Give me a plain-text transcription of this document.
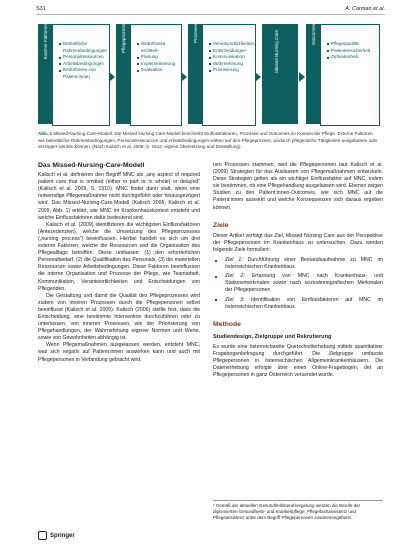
S31	A. Carman et al.
Externe Faktoren	Betriebliche Rahmenbedingungen
Personalressourcen
Arbeitsbedingungen
Bedürfnisse von Patient:innen
Pflegeprozess	Bedürfnisse ermitteln
Planung
Implementierung
Evaluation
Prozesse
Verantwortlichkeiten
Entscheidungen
Kommunikation
Wahrnehmung
Priorisierung	Missed Nursing Care	Outcomes	Pflegequalität
Patientensicherheit
Zufriedenheit
Abb. 1 Missed-Nursing-Care-Modell. Die Missed Nursing Care-Modell beschreibt Einflussfaktoren, Prozesse und Outcomes im Kontext der Pflege. Externe Faktoren wie betriebliche Rahmenbedingungen, Personalressourcen und Arbeitsbedingungen wirken auf den Pflegeprozess, wodurch pflegerische Tätigkeiten ausgelassen oder verzögert werden können. (Nach Kalisch et al. 2009; S. 1512; eigene Übersetzung und Darstellung)
Das Missed-Nursing-Care-Modell

Kalisch et al. definieren den Begriff MNC als „any aspect of required patient care that is omitted (either in part or in whole) or delayed“ (Kalisch et al. 2009, S. 1510). MNC findet dann statt, wenn eine notwendige Pflegemaßnahme nicht durchgeführt oder hinausgezögert wird. Das Missed-Nursing-Care-Modell (Kalisch 2006; Kalisch et al. 2009, Abb. 1) erklärt, wie MNC im Krankenhauskontext entsteht und welche Einflussfaktoren dafür bedeutend sind.

Kalisch et al. (2009) identifizieren die wichtigsten Einflussfaktoren (Antezedenzien), welche die Umsetzung des Pflegeprozesses („nursing process“) beeinflussen. Hierbei handelt es sich um drei externe Faktoren, welche die Ressourcen und die Organisation des Pflegealltags betreffen. Diese umfassen: (1) den erforderlichen Personalbedarf, (2) die Qualifikation des Personals, (3) die materiellen Ressourcen sowie Arbeitsbedingungen. Diese Faktoren beeinflussen die interne Organisation und Prozesse der Pflege, wie Teamarbeit, Kommunikation, Verantwortlichkeiten und Entscheidungen von Pflegenden.

Die Gestaltung und damit die Qualität des Pflegeprozesses wird zudem von inneren Prozessen durch die Pflegepersonen selbst beeinflusst (Kalisch et al. 2009). Kalisch (2006) stellte fest, dass die Entscheidung, eine bestimmte Intervention durchzuführen oder zu unterlassen, von inneren Prozessen, wie der Priorisierung von Pflegehandlungen, der Wahrnehmung eigener Normen und Werte, sowie von Gewohnheiten abhängig ist.

Wenn Pflegemaßnahmen ausgelassen werden, entsteht MNC, was sich negativ auf Patient:innen auswirken kann und auch mit Pflegepersonen in Verbindung gebracht wird.

nen Prozessen stammen, weil die Pflegepersonen laut Kalisch et al. (2009) Strategien für das Auslassen von Pflegemaßnahmen entwickeln. Diese Strategien gelten als ein wichtiger Einflussfaktor auf MNC, indem sie bestimmen, ob eine Pflegehandlung ausgelassen wird. Ebenso zeigen Studien zu den Patient:innen-Outcomes, wie sich MNC auf die Patient:innen auswirkt und welche Konsequenzen sich daraus ergeben können.

Ziele

Dieser Artikel verfolgt das Ziel, Missed Nursing Care aus der Perspektive der Pflegepersonen im Krankenhaus zu untersuchen. Dazu werden folgende Ziele formuliert:

Ziel 1: Durchführung einer Bestandsaufnahme zu MNC im österreichischen Krankenhaus
Ziel 2: Erfassung von MNC nach Krankenhaus- und Stationsmerkmalen sowie nach soziodemografischen Merkmalen der Pflegepersonen
Ziel 3: Identifikation von Einflussfaktoren auf MNC im österreichischen Krankenhaus
Methode
Studiendesign, Zielgruppe und Rekrutierung

Es wurde eine österreichweite Querschnitterhebung mittels quantitativer Fragebogenbefragung durchgeführt. Die Zielgruppe umfasste Pflegepersonen in österreichischen Allgemeinkrankenhäusern. Die Datenerhebung erfolgte über einen Online-Fragebogen, der an Pflegepersonen in ganz Österreich versendet wurde.

¹ Gemäß der aktuellen Gesundheitsberuferegelung werden die Berufe der diplomierten Gesundheits- und Krankenpflege, Pflegefachassistenz und Pflegeassistenz unter dem Begriff Pflegepersonen zusammengefasst.
Springer
